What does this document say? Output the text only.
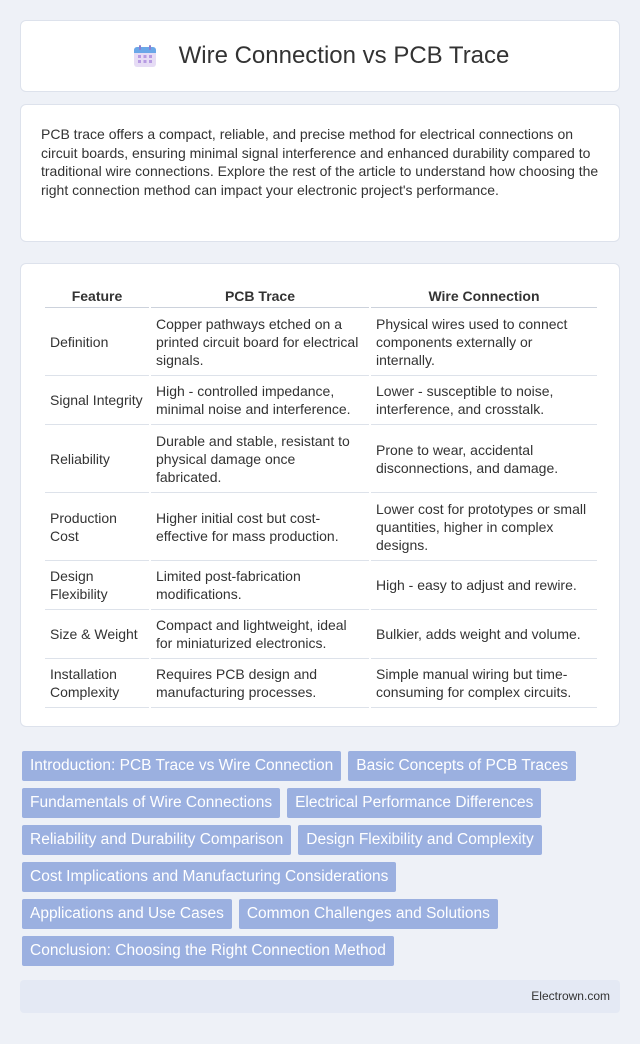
Wire Connection vs PCB Trace

PCB trace offers a compact, reliable, and precise method for electrical connections on circuit boards, ensuring minimal signal interference and enhanced durability compared to traditional wire connections. Explore the rest of the article to understand how choosing the right connection method can impact your electronic project's performance.

Feature	PCB Trace	Wire Connection
Definition	Copper pathways etched on a printed circuit board for electrical signals.	Physical wires used to connect components externally or internally.
Signal Integrity	High - controlled impedance, minimal noise and interference.	Lower - susceptible to noise, interference, and crosstalk.
Reliability	Durable and stable, resistant to physical damage once fabricated.	Prone to wear, accidental disconnections, and damage.
Production Cost	Higher initial cost but cost-effective for mass production.	Lower cost for prototypes or small quantities, higher in complex designs.
Design Flexibility	Limited post-fabrication modifications.	High - easy to adjust and rewire.
Size & Weight	Compact and lightweight, ideal for miniaturized electronics.	Bulkier, adds weight and volume.
Installation Complexity	Requires PCB design and manufacturing processes.	Simple manual wiring but time-consuming for complex circuits.
Introduction: PCB Trace vs Wire Connection	Basic Concepts of PCB Traces
Fundamentals of Wire Connections	Electrical Performance Differences
Reliability and Durability Comparison	Design Flexibility and Complexity
Cost Implications and Manufacturing Considerations
Applications and Use Cases	Common Challenges and Solutions
Conclusion: Choosing the Right Connection Method
Electrown.com
